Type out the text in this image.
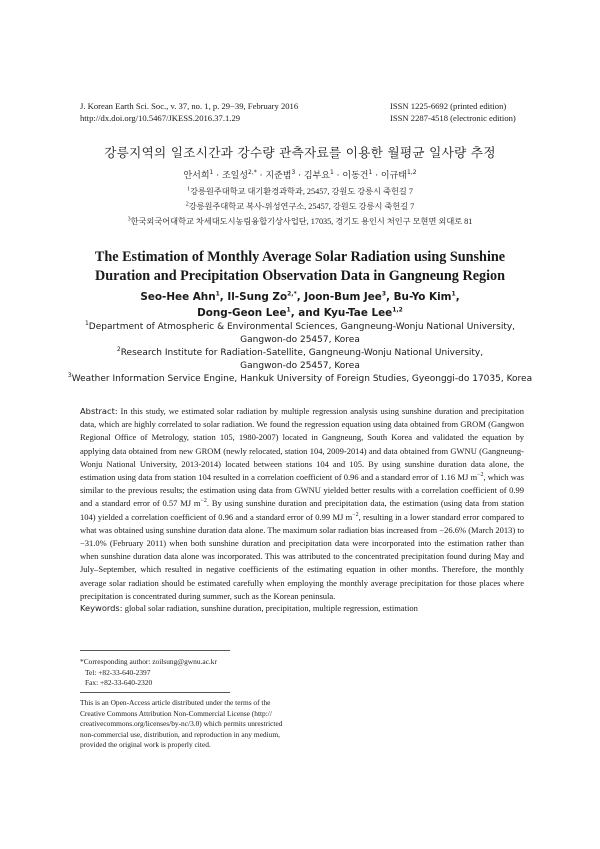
J. Korean Earth Sci. Soc., v. 37, no. 1, p. 29−39, February 2016	ISSN 1225-6692 (printed edition)
http://dx.doi.org/10.5467/JKESS.2016.37.1.29	ISSN 2287-4518 (electronic edition)
강릉지역의 일조시간과 강수량 관측자료를 이용한 월평균 일사량 추정
안서희$^1$ · 조일성$^{2,*}$ · 지준범$^3$ · 김부요$^1$ · 이동건$^1$ · 이규태$^{1,2}$
$^1$강릉원주대학교 대기환경과학과, 25457, 강원도 강릉시 죽헌길 7
$^2$강릉원주대학교 복사-위성연구소, 25457, 강원도 강릉시 죽헌길 7
$^3$한국외국어대학교 차세대도시농림융합기상사업단, 17035, 경기도 용인시 처인구 모현면 외대로 81
The Estimation of Monthly Average Solar Radiation using Sunshine
Duration and Precipitation Observation Data in Gangneung Region
Seo-Hee Ahn$^1$, Il-Sung $Zo^{2,*}$, Joon-Bum Jee$^3$, Bu-Yo Kim$^1$,
Dong-Geon Lee$^1$, and Kyu-Tae Lee$^{1,2}$
$^1$Department of Atmospheric & Environmental Sciences, Gangneung-Wonju National University,
Gangwon-do 25457, Korea
$^2$Research Institute for Radiation-Satellite, Gangneung-Wonju National University,
Gangwon-do 25457, Korea
$^3$Weather Information Service Engine, Hankuk University of Foreign Studies, Gyeonggi-do 17035, Korea
Abstract: In this study, we estimated solar radiation by multiple regression analysis using sunshine duration and precipitation data, which are highly correlated to solar radiation. We found the regression equation using data obtained from GROM (Gangwon Regional Office of Metrology, station 105, 1980-2007) located in Gangneung, South Korea and validated the equation by applying data obtained from new GROM (newly relocated, station 104, 2009-2014) and data obtained from GWNU (Gangneung-Wonju National University, 2013-2014) located between stations 104 and 105. By using sunshine duration data alone, the estimation using data from station 104 resulted in a correlation coefficient of 0.96 and a standard error of 1.16 MJ $m^{-2}$, which was similar to the previous results; the estimation using data from GWNU yielded better results with a correlation coefficient of 0.99 and a standard error of 0.57 MJ $m^{-2}$. By using sunshine duration and precipitation data, the estimation (using data from station 104) yielded a correlation coefficient of 0.96 and a standard error of 0.99 MJ $m^{-2}$, resulting in a lower standard error compared to what was obtained using sunshine duration data alone. The maximum solar radiation bias increased from −26.6% (March 2013) to −31.0% (February 2011) when both sunshine duration and precipitation data were incorporated into the estimation rather than when sunshine duration data alone was incorporated. This was attributed to the concentrated precipitation found during May and July–September, which resulted in negative coefficients of the estimating equation in other months. Therefore, the monthly average solar radiation should be estimated carefully when employing the monthly average precipitation for those places where precipitation is concentrated during summer, such as the Korean peninsula.
Keywords: global solar radiation, sunshine duration, precipitation, multiple regression, estimation
*Corresponding author: zoilsung@gwnu.ac.kr
Tel: +82-33-640-2397
Fax: +82-33-640-2320
This is an Open-Access article distributed under the terms of the
Creative Commons Attribution Non-Commercial License (http://
creativecommons.org/licenses/by-nc/3.0) which permits unrestricted
non-commercial use, distribution, and reproduction in any medium,
provided the original work is properly cited.
